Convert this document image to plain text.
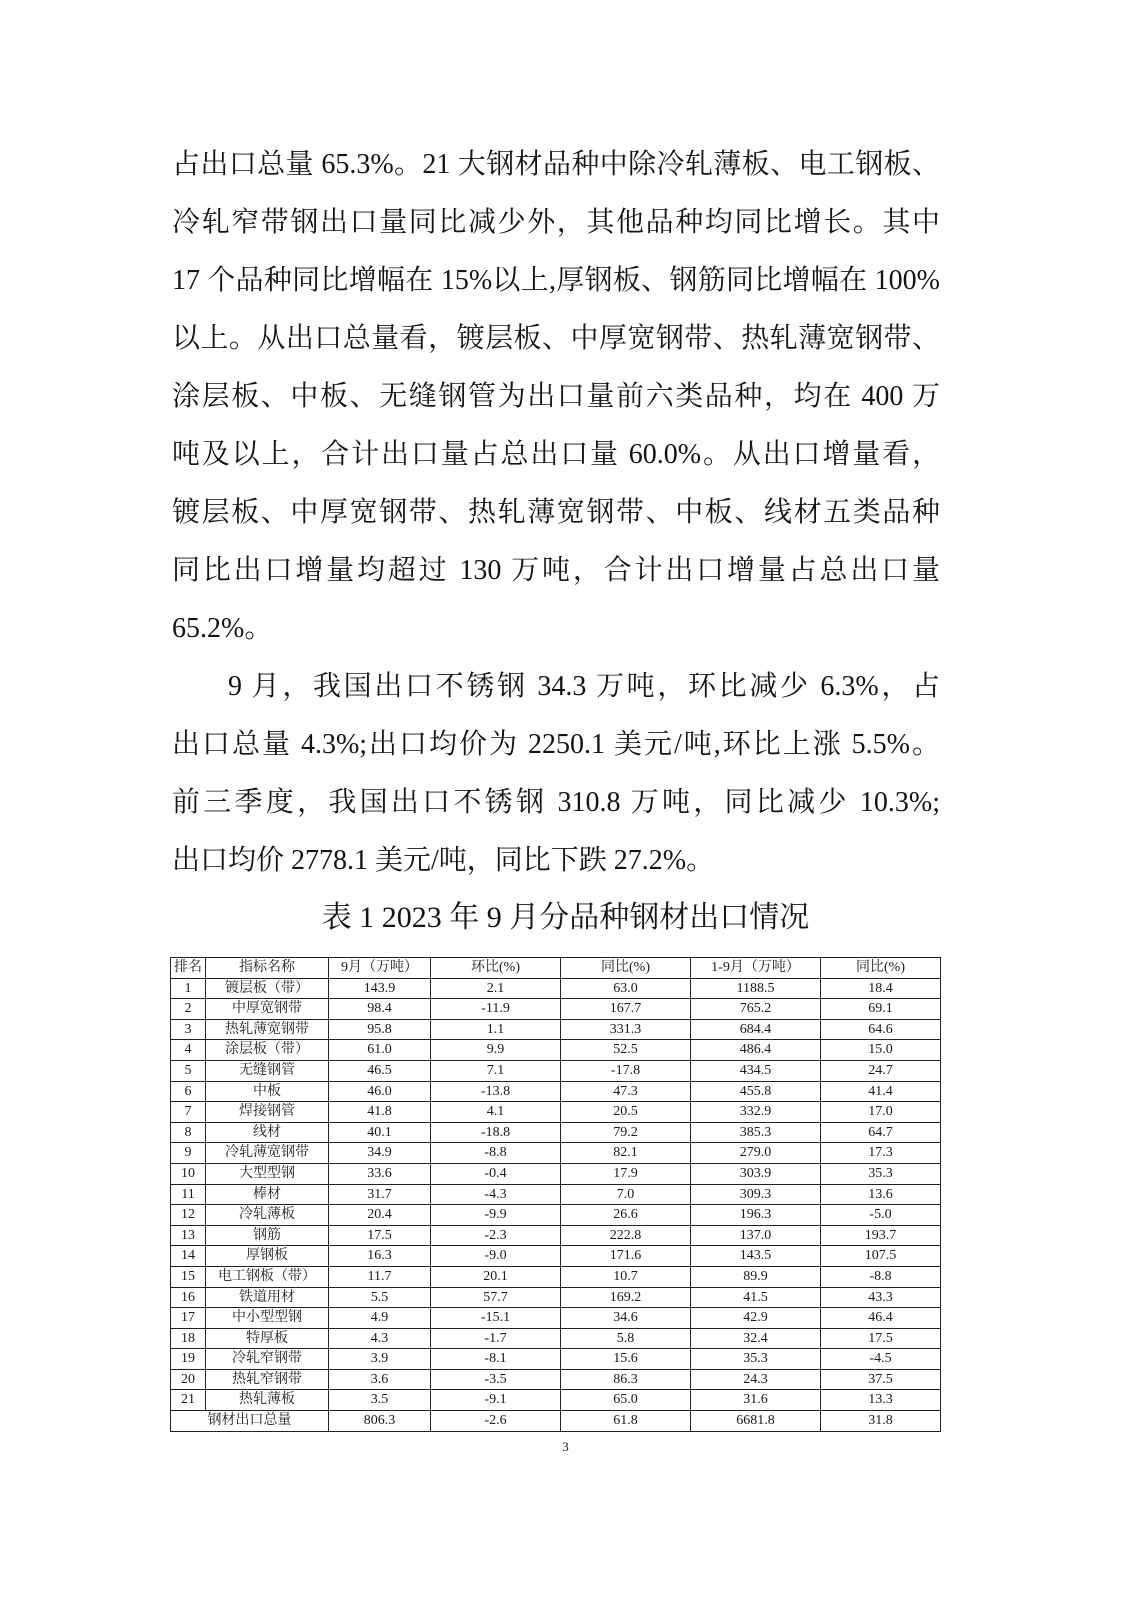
占出口总量 65.3%。21 大钢材品种中除冷轧薄板、电工钢板、
冷轧窄带钢出口量同比减少外，其他品种均同比增长。其中
17 个品种同比增幅在 15%以上,厚钢板、钢筋同比增幅在 100%
以上。从出口总量看，镀层板、中厚宽钢带、热轧薄宽钢带、
涂层板、中板、无缝钢管为出口量前六类品种，均在 400 万
吨及以上，合计出口量占总出口量 60.0%。从出口增量看，
镀层板、中厚宽钢带、热轧薄宽钢带、中板、线材五类品种
同比出口增量均超过 130 万吨，合计出口增量占总出口量
65.2%。
9 月，我国出口不锈钢 34.3 万吨，环比减少 6.3%，占
出口总量 4.3%;出口均价为 2250.1 美元/吨,环比上涨 5.5%。
前三季度，我国出口不锈钢 310.8 万吨，同比减少 10.3%;
出口均价 2778.1 美元/吨，同比下跌 27.2%。
表 1 2023 年 9 月分品种钢材出口情况
排名	指标名称	9月（万吨）	环比(%)	同比(%)	1-9月（万吨）	同比(%)
1	镀层板（带）	143.9	2.1	63.0	1188.5	18.4
2	中厚宽钢带	98.4	-11.9	167.7	765.2	69.1
3	热轧薄宽钢带	95.8	1.1	331.3	684.4	64.6
4	涂层板（带）	61.0	9.9	52.5	486.4	15.0
5	无缝钢管	46.5	7.1	-17.8	434.5	24.7
6	中板	46.0	-13.8	47.3	455.8	41.4
7	焊接钢管	41.8	4.1	20.5	332.9	17.0
8	线材	40.1	-18.8	79.2	385.3	64.7
9	冷轧薄宽钢带	34.9	-8.8	82.1	279.0	17.3
10	大型型钢	33.6	-0.4	17.9	303.9	35.3
11	棒材	31.7	-4.3	7.0	309.3	13.6
12	冷轧薄板	20.4	-9.9	26.6	196.3	-5.0
13	钢筋	17.5	-2.3	222.8	137.0	193.7
14	厚钢板	16.3	-9.0	171.6	143.5	107.5
15	电工钢板（带）	11.7	20.1	10.7	89.9	-8.8
16	铁道用材	5.5	57.7	169.2	41.5	43.3
17	中小型型钢	4.9	-15.1	34.6	42.9	46.4
18	特厚板	4.3	-1.7	5.8	32.4	17.5
19	冷轧窄钢带	3.9	-8.1	15.6	35.3	-4.5
20	热轧窄钢带	3.6	-3.5	86.3	24.3	37.5
21	热轧薄板	3.5	-9.1	65.0	31.6	13.3
钢材出口总量		806.3	-2.6	61.8	6681.8	31.8
3
